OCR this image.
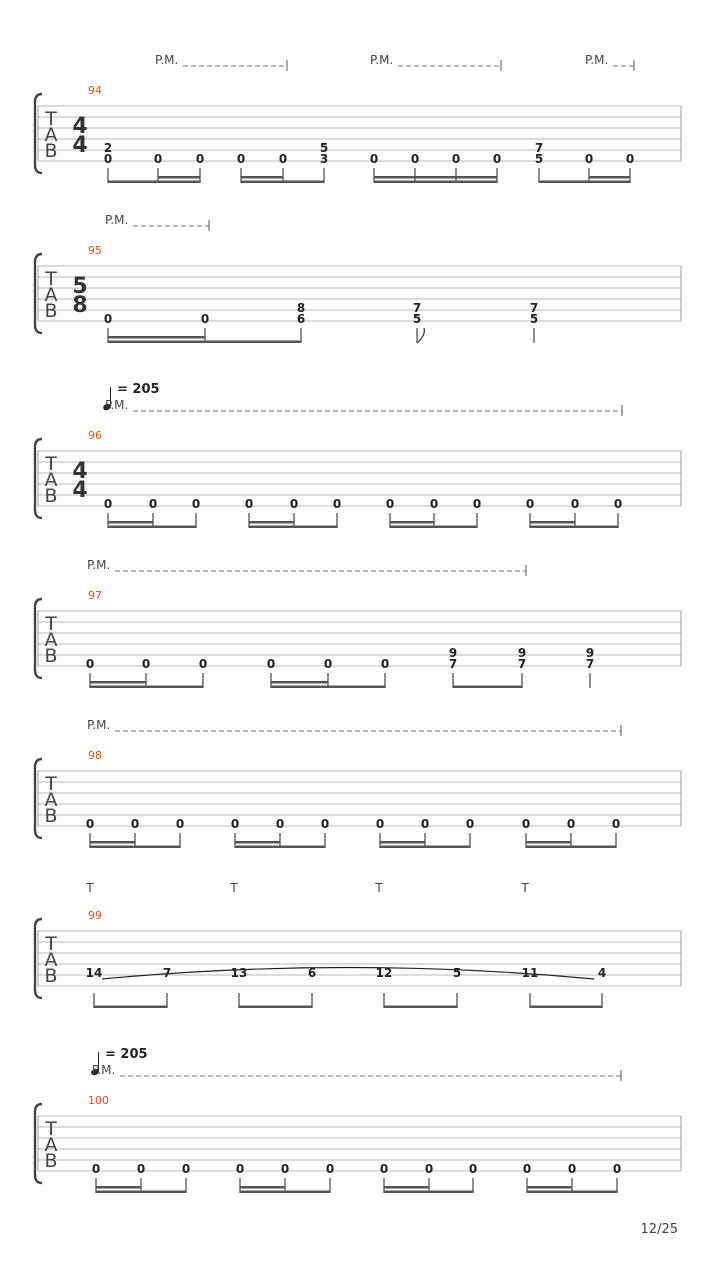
T
A
B
94
4
4
P.M.	P.M.	P.M.
2
0	0	0	0	0
5
3	0	0	0	0
7
5	0	0
T
A
B
95
5
8
P.M.
0	0
8
6
7
5
7
5
T
A
B
96
4
4
= 205
P.M.
0	0	0	0	0	0	0	0	0	0	0	0
T
A
B
97
P.M.
0	0	0	0	0	0
9
7
9
7
9
7
T
A
B
98
P.M.
0	0	0	0	0	0	0	0	0	0	0	0
T
A
B
99
T	T	T	T
14	7	13	6	12	5	11	4
T
A
B
100
= 205
P.M.
0	0	0	0	0	0	0	0	0	0	0	0
12/25
